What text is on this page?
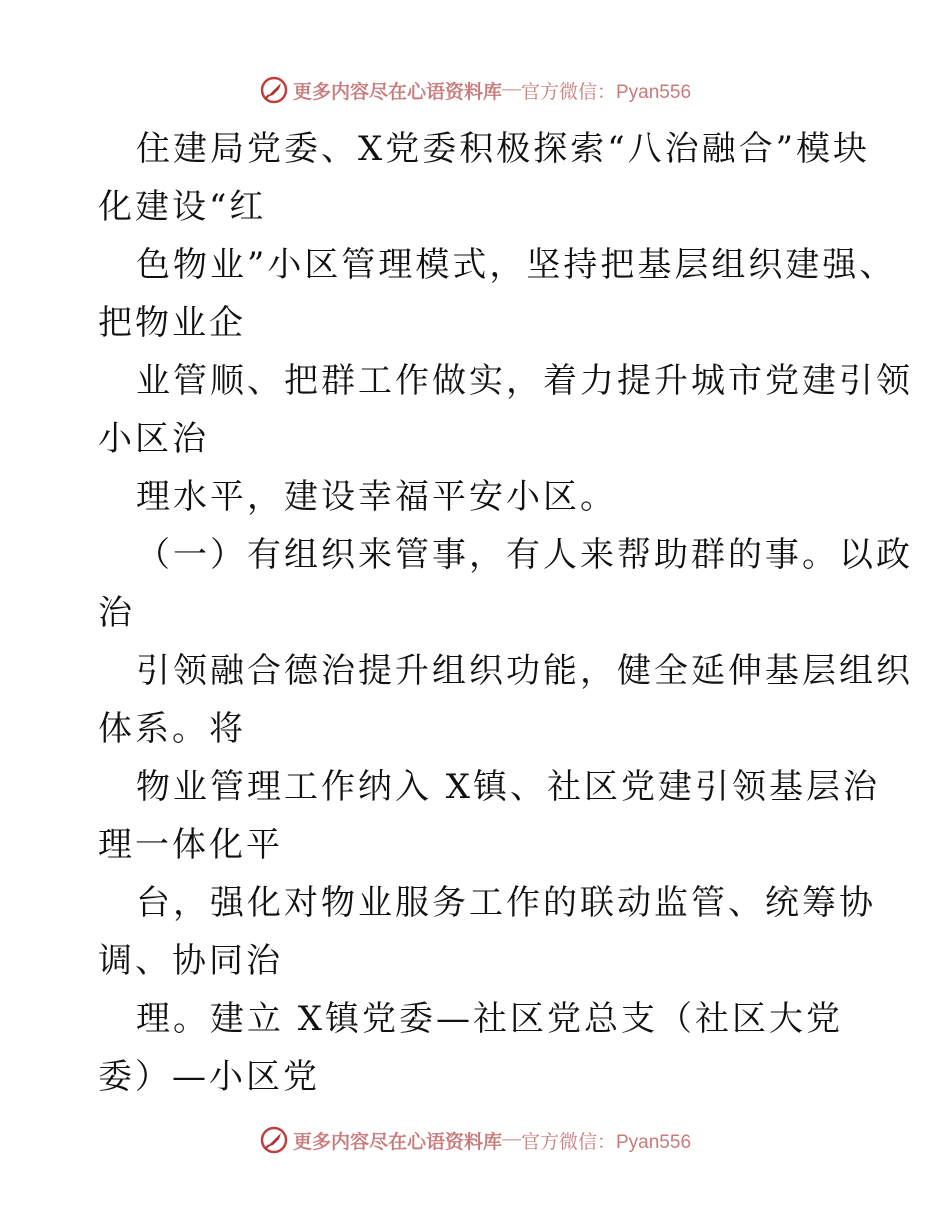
更多内容尽在心语资料库 — 官方微信：Pyan556
住建局党委、X党委积极探索“八治融合”模块
化建设“红
色物业”小区管理模式，坚持把基层组织建强、
把物业企
业管顺、把群工作做实，着力提升城市党建引领
小区治
理水平，建设幸福平安小区。
（一）有组织来管事，有人来帮助群的事。以政
治
引领融合德治提升组织功能，健全延伸基层组织
体系。将
物业管理工作纳入 X镇、社区党建引领基层治
理一体化平
台，强化对物业服务工作的联动监管、统筹协
调、协同治
理。建立 X镇党委—社区党总支（社区大党
委）—小区党
更多内容尽在心语资料库 — 官方微信：Pyan556
